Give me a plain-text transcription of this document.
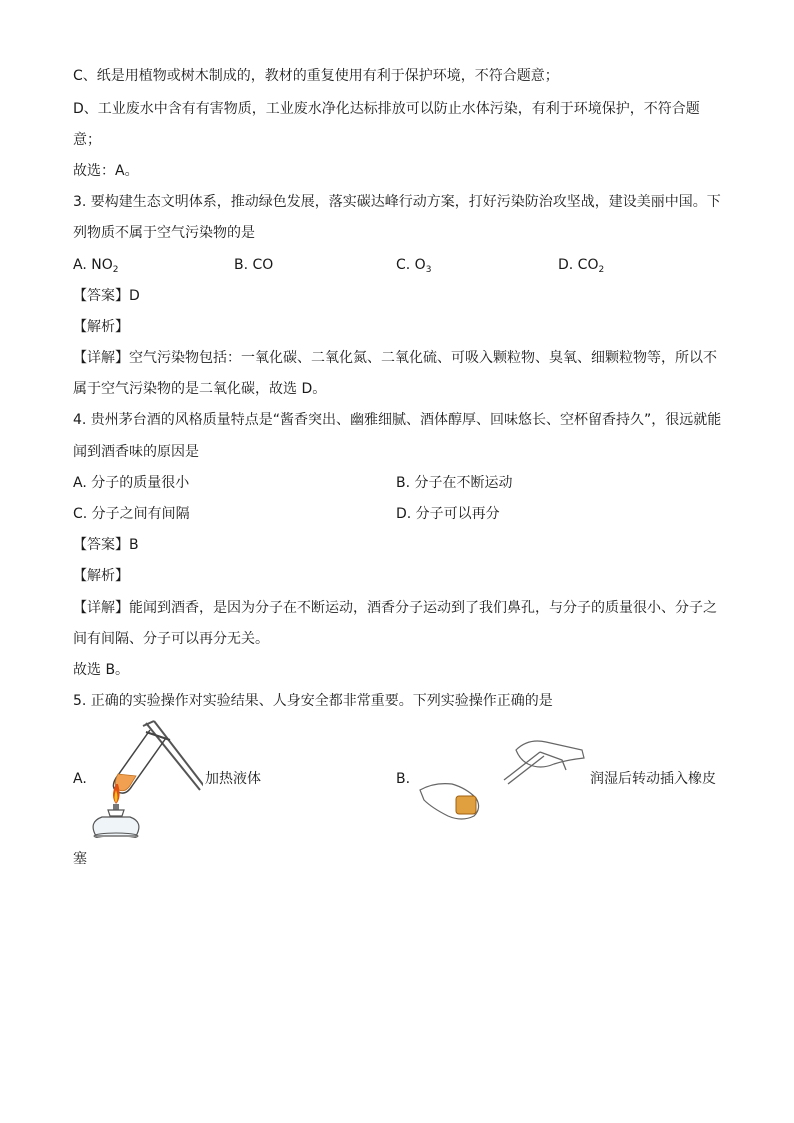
C、纸是用植物或树木制成的，教材的重复使用有利于保护环境，不符合题意；
D、工业废水中含有有害物质，工业废水净化达标排放可以防止水体污染，有利于环境保护，不符合题
意；
故选：A。
3. 要构建生态文明体系，推动绿色发展，落实碳达峰行动方案，打好污染防治攻坚战，建设美丽中国。下
列物质不属于空气污染物的是
A. $NO_2$	B. CO	C. $O_3$	D. $CO_2$
【答案】D
【解析】
【详解】空气污染物包括：一氧化碳、二氧化氮、二氧化硫、可吸入颗粒物、臭氧、细颗粒物等，所以不
属于空气污染物的是二氧化碳，故选 D。
4. 贵州茅台酒的风格质量特点是“酱香突出、幽雅细腻、酒体醇厚、回味悠长、空杯留香持久”，很远就能
闻到酒香味的原因是
A. 分子的质量很小	B. 分子在不断运动
C. 分子之间有间隔	D. 分子可以再分
【答案】B
【解析】
【详解】能闻到酒香，是因为分子在不断运动，酒香分子运动到了我们鼻孔，与分子的质量很小、分子之
间有间隔、分子可以再分无关。
故选 B。
5. 正确的实验操作对实验结果、人身安全都非常重要。下列实验操作正确的是
A.	加热液体	B.	润湿后转动插入橡皮
塞
